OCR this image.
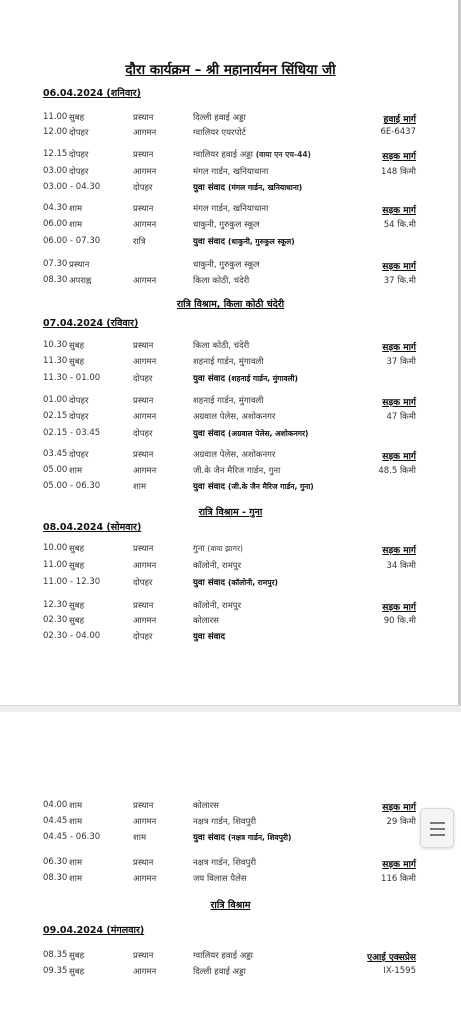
दौरा कार्यक्रम – श्री महानार्यमन सिंधिया जी
06.04.2024 (शनिवार)
11.00 सुबह	प्रस्थान	दिल्ली हवाई अड्डा	हवाई मार्ग
12.00 दोपहर	आगमन	ग्वालियर एयरपोर्ट	6E-6437
12.15 दोपहर	प्रस्थान	ग्वालियर हवाई अड्डा (वाया एन एच-44)	सड़क मार्ग
03.00 दोपहर	आगमन	मंगल गार्डन, खनियाधाना	148 किमी
03.00 - 04.30	दोपहर	युवा संवाद (मंगल गार्डन, खनियाधाना)
04.30 शाम	प्रस्थान	मंगल गार्डन, खनियाधाना	सड़क मार्ग
06.00 शाम	आगमन	धाकुनी, गुरुकुल स्कूल	54 कि.मी
06.00 - 07.30	रात्रि	युवा संवाद (धाकुनी, गुरुकुल स्कूल)
07.30 प्रस्थान	धाकुनी, गुरुकुल स्कूल	सड़क मार्ग
08.30 अपराह्न	आगमन	किला कोठी, चंदेरी	37 कि.मी
रात्रि विश्राम, किला कोठी चंदेरी
07.04.2024 (रविवार)
10.30 सुबह	प्रस्थान	किला कोठी, चंदेरी	सड़क मार्ग
11.30 सुबह	आगमन	शहनाई गार्डन, मुंगावली	37 किमी
11.30 - 01.00	दोपहर	युवा संवाद (शहनाई गार्डन, मुंगावली)
01.00 दोपहर	प्रस्थान	शहनाई गार्डन, मुंगावली	सड़क मार्ग
02.15 दोपहर	आगमन	अग्रवाल पेलेस, अशोकनगर	47 किमी
02.15 - 03.45	दोपहर	युवा संवाद (अग्रवाल पेलेस, अशोकनगर)
03.45 दोपहर	प्रस्थान	अग्रवाल पेलेस, अशोकनगर	सड़क मार्ग
05.00 शाम	आगमन	जी.के जैन मैरिज गार्डन, गुना	48.5 किमी
05.00 - 06.30	शाम	युवा संवाद (जी.के जैन मैरिज गार्डन, गुना)
रात्रि विश्राम - गुना
08.04.2024 (सोमवार)
10.00 सुबह	प्रस्थान	गुना (वाया झागर)	सड़क मार्ग
11.00 सुबह	आगमन	कॉलोनी, रामपुर	34 किमी
11.00 - 12.30	दोपहर	युवा संवाद (कॉलोनी, रामपुर)
12.30 सुबह	प्रस्थान	कॉलोनी, रामपुर	सड़क मार्ग
02.30 सुबह	आगमन	कोलारस	90 कि.मी
02.30 - 04.00	दोपहर	युवा संवाद
04.00 शाम	प्रस्थान	कोलारस	सड़क मार्ग
04.45 शाम	आगमन	नक्षत्र गार्डन, शिवपुरी	29 किमी
04.45 - 06.30	शाम	युवा संवाद (नक्षत्र गार्डन, शिवपुरी)
06.30 शाम	प्रस्थान	नक्षत्र गार्डन, शिवपुरी	सड़क मार्ग
08.30 शाम	आगमन	जय विलास पैलेस	116 किमी
रात्रि विश्राम
09.04.2024 (मंगलवार)
08.35 सुबह	प्रस्थान	ग्वालियर हवाई अड्डा	एआई एक्सप्रेस
09.35 सुबह	आगमन	दिल्ली हवाई अड्डा	IX-1595
